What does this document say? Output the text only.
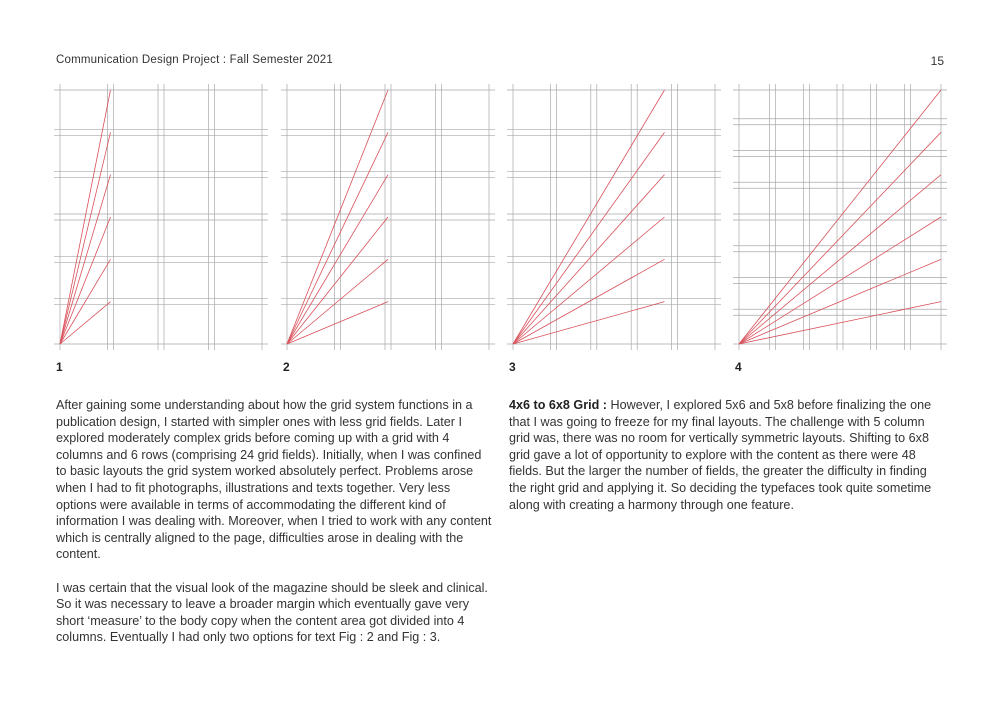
Communication Design Project : Fall Semester 2021	15
1	2	3	4

After gaining some understanding about how the grid system functions in a publication design, I started with simpler ones with less grid fields. Later I explored moderately complex grids before coming up with a grid with 4 columns and 6 rows (comprising 24 grid fields). Initially, when I was confined to basic layouts the grid system worked absolutely perfect. Problems arose when I had to fit photographs, illustrations and texts together. Very less options were available in terms of accommodating the different kind of information I was dealing with. Moreover, when I tried to work with any content which is centrally aligned to the page, difficulties arose in dealing with the content.

I was certain that the visual look of the magazine should be sleek and clinical. So it was necessary to leave a broader margin which eventually gave very short ‘measure’ to the body copy when the content area got divided into 4 columns. Eventually I had only two options for text Fig : 2 and Fig : 3.

4x6 to 6x8 Grid : However, I explored 5x6 and 5x8 before finalizing the one that I was going to freeze for my final layouts. The challenge with 5 column grid was, there was no room for vertically symmetric layouts. Shifting to 6x8 grid gave a lot of opportunity to explore with the content as there were 48 fields. But the larger the number of fields, the greater the difficulty in finding the right grid and applying it. So deciding the typefaces took quite sometime along with creating a harmony through one feature.
